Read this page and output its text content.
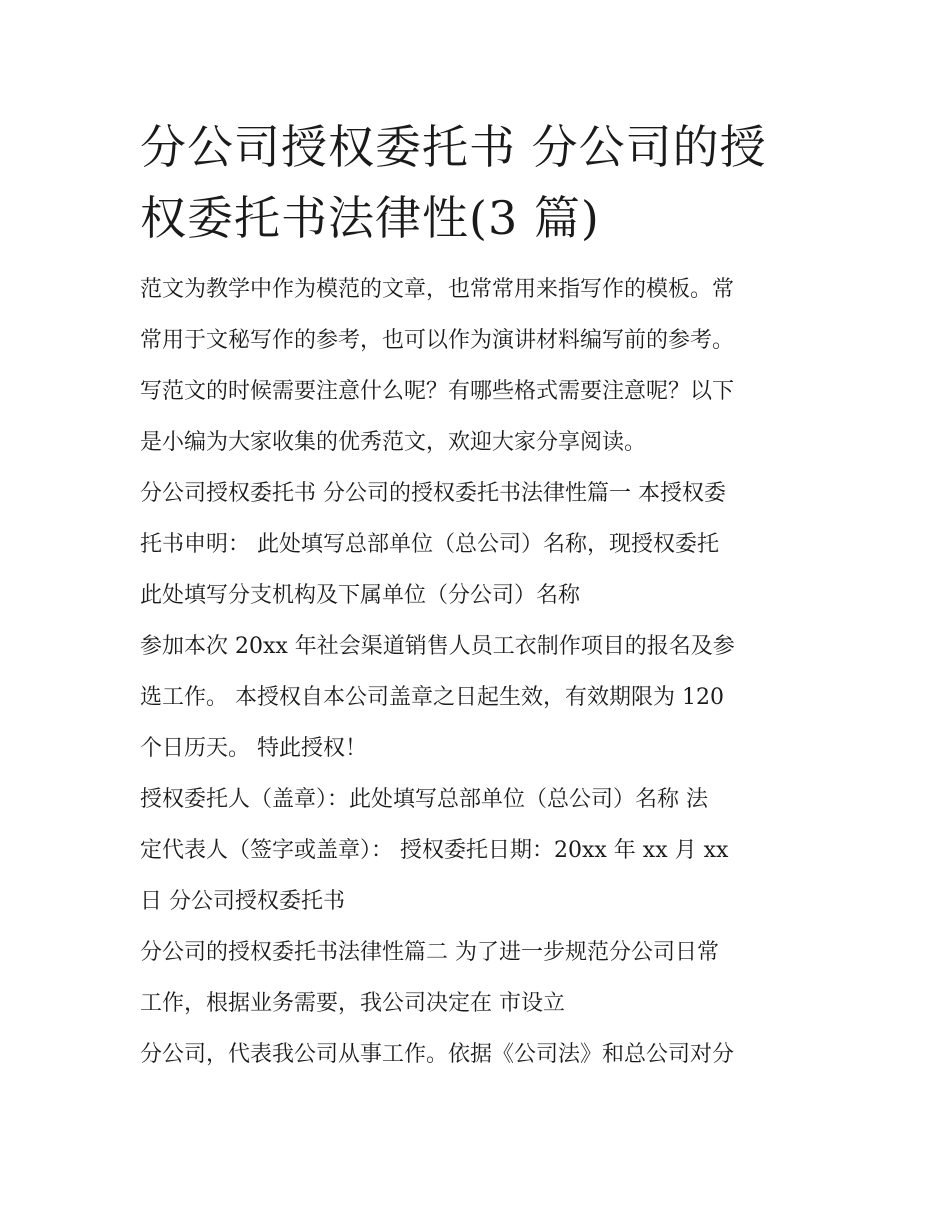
分公司授权委托书 分公司的授
权委托书法律性(3 篇)
范文为教学中作为模范的文章，也常常用来指写作的模板。常
常用于文秘写作的参考，也可以作为演讲材料编写前的参考。
写范文的时候需要注意什么呢？有哪些格式需要注意呢？以下
是小编为大家收集的优秀范文，欢迎大家分享阅读。
分公司授权委托书 分公司的授权委托书法律性篇一 本授权委
托书申明： 此处填写总部单位（总公司）名称，现授权委托
此处填写分支机构及下属单位（分公司）名称
参加本次 20xx 年社会渠道销售人员工衣制作项目的报名及参
选工作。 本授权自本公司盖章之日起生效，有效期限为 120
个日历天。 特此授权！
授权委托人（盖章）：此处填写总部单位（总公司）名称 法
定代表人（签字或盖章）： 授权委托日期：20xx 年 xx 月 xx
日 分公司授权委托书
分公司的授权委托书法律性篇二 为了进一步规范分公司日常
工作，根据业务需要，我公司决定在 市设立
分公司，代表我公司从事工作。依据《公司法》和总公司对分
